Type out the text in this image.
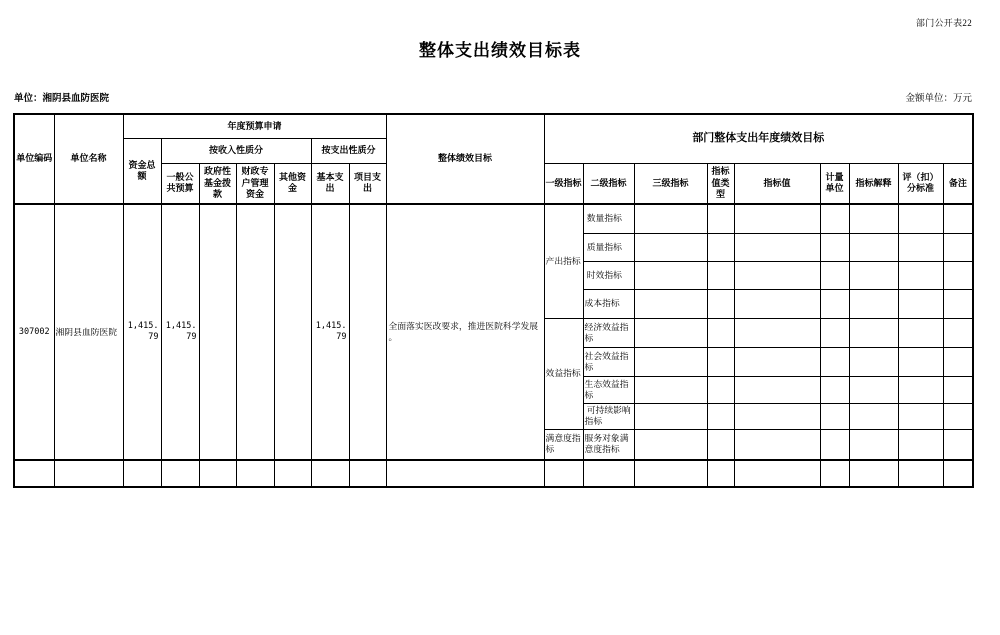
部门公开表22
整体支出绩效目标表
单位：湘阴县血防医院	金额单位：万元
单位编码	单位名称	年度预算申请							整体绩效目标	部门整体支出年度绩效目标								
		资金总额	按收入性质分				按支出性质分											
			一般公共预算	政府性基金拨款	财政专户管理资金	其他资金	基本支出	项目支出		一级指标	二级指标	三级指标	指标值类型	指标值	计量单位	指标解释	评（扣）分标准	备注
307002	湘阴县血防医院	1,415.79	1,415.79				1,415.79		全面落实医改要求，推进医院科学发展。	产出指标	数量指标							
											质量指标							
											时效指标							
											成本指标							
										效益指标	经济效益指标							
											社会效益指标							
											生态效益指标							
											可持续影响指标							
										满意度指标	服务对象满意度指标							
